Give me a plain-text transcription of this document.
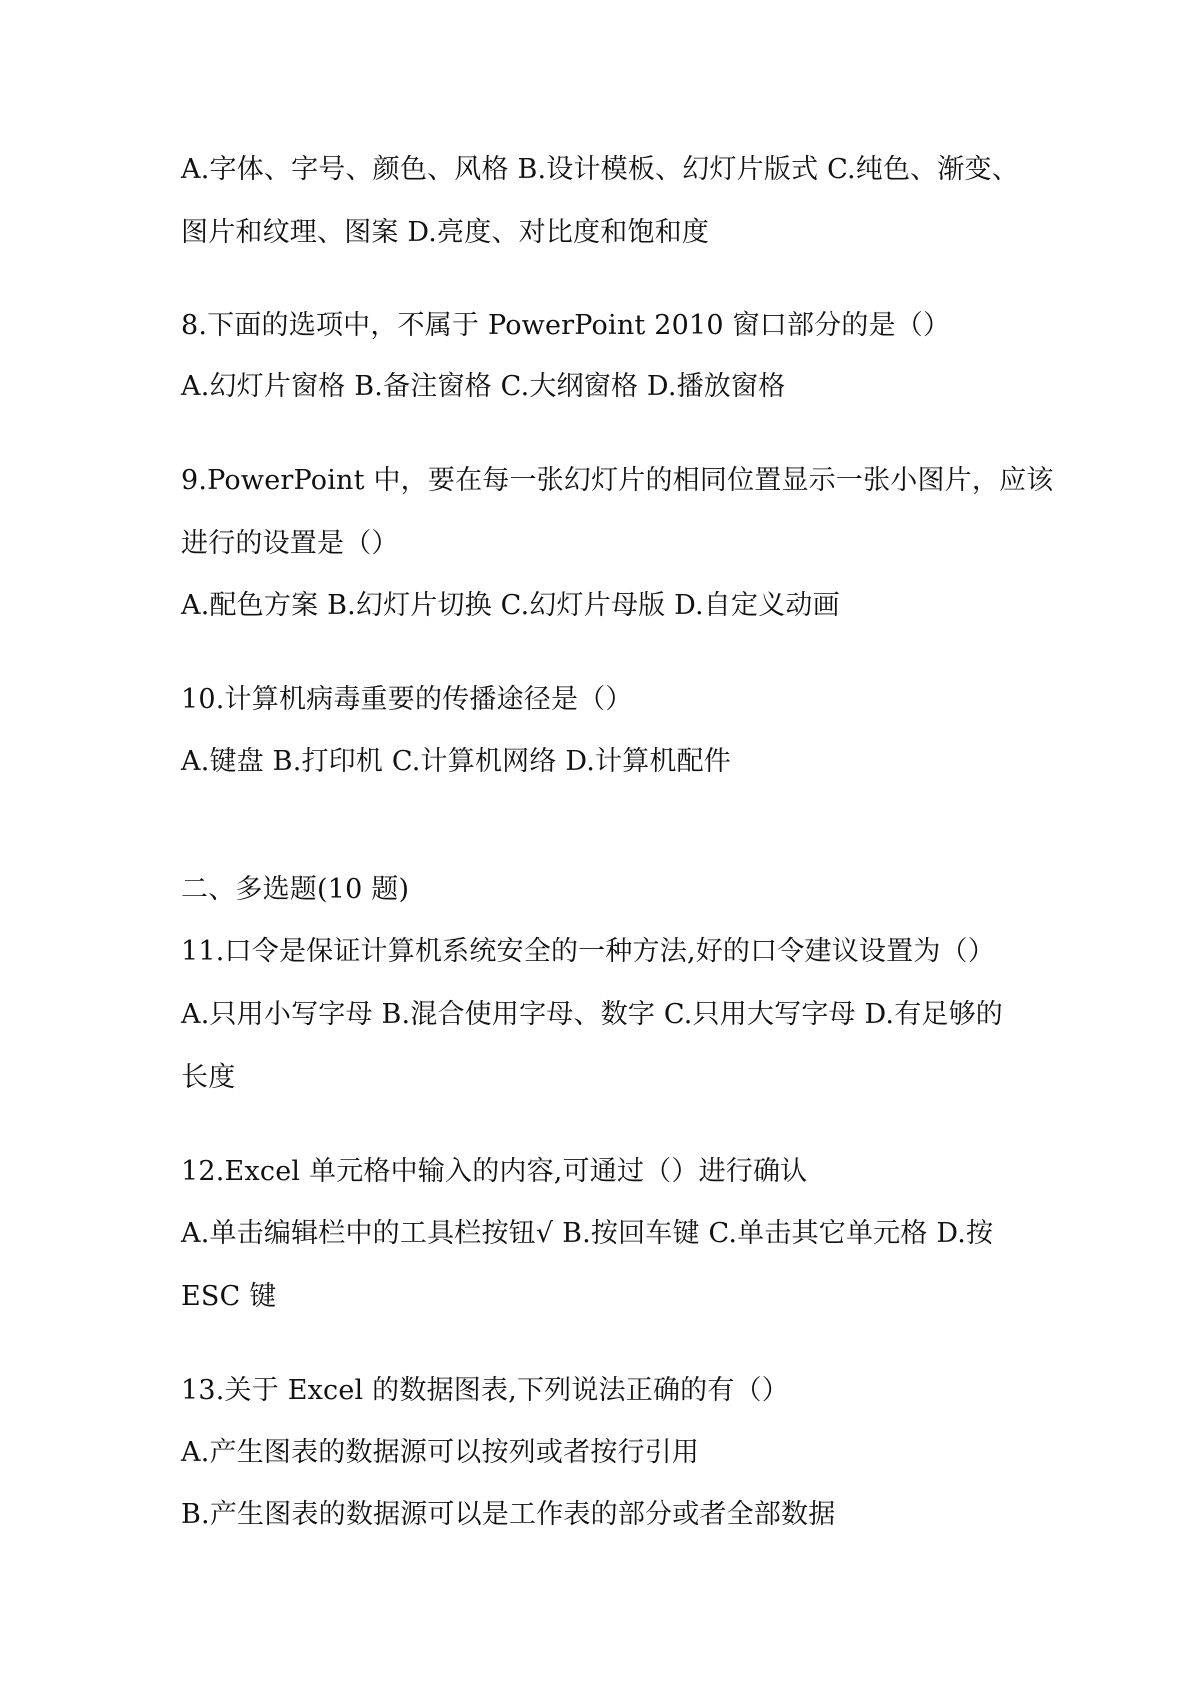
A.字体、字号、颜色、风格 B.设计模板、幻灯片版式 C.纯色、渐变、
图片和纹理、图案 D.亮度、对比度和饱和度
8.下面的选项中，不属于 PowerPoint 2010 窗口部分的是（）
A.幻灯片窗格 B.备注窗格 C.大纲窗格 D.播放窗格
9.PowerPoint 中，要在每一张幻灯片的相同位置显示一张小图片，应该
进行的设置是（）
A.配色方案 B.幻灯片切换 C.幻灯片母版 D.自定义动画
10.计算机病毒重要的传播途径是（）
A.键盘 B.打印机 C.计算机网络 D.计算机配件
二、多选题(10 题)
11.口令是保证计算机系统安全的一种方法,好的口令建议设置为（）
A.只用小写字母 B.混合使用字母、数字 C.只用大写字母 D.有足够的
长度
12.Excel 单元格中输入的内容,可通过（）进行确认
A.单击编辑栏中的工具栏按钮√ B.按回车键 C.单击其它单元格 D.按
ESC 键
13.关于 Excel 的数据图表,下列说法正确的有（）
A.产生图表的数据源可以按列或者按行引用
B.产生图表的数据源可以是工作表的部分或者全部数据
